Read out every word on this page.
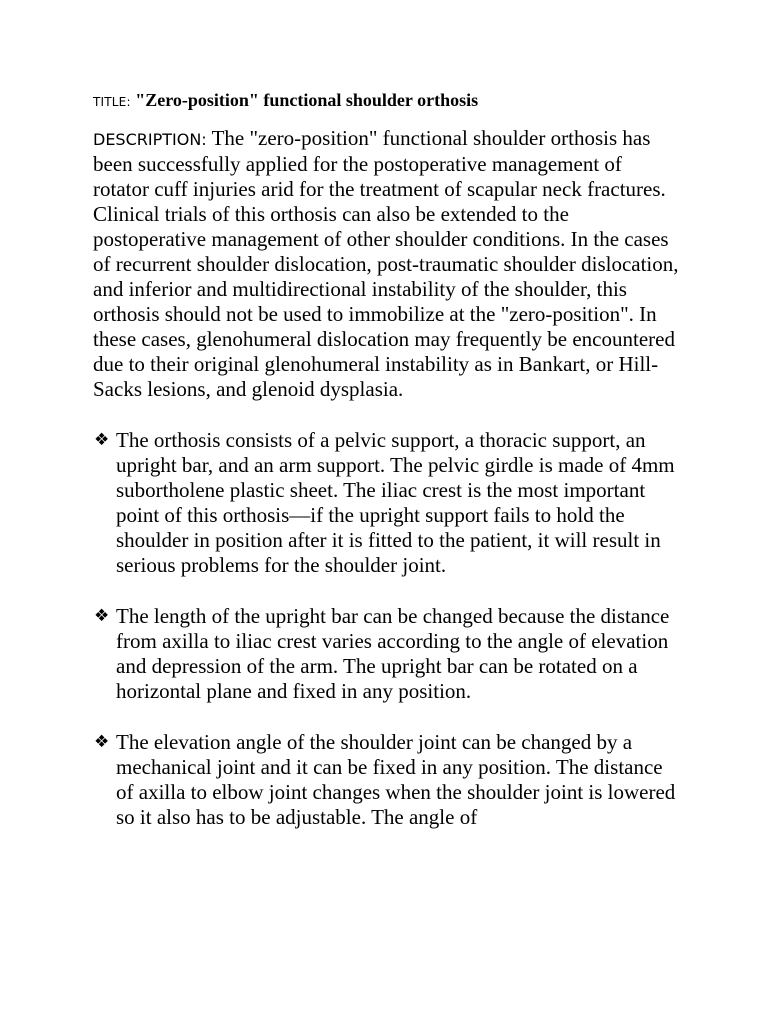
TITLE: "Zero-position" functional shoulder orthosis
DESCRIPTION: The "zero-position" functional shoulder orthosis has been successfully applied for the postoperative management of rotator cuff injuries arid for the treatment of scapular neck fractures. Clinical trials of this orthosis can also be extended to the postoperative management of other shoulder conditions. In the cases of recurrent shoulder dislocation, post-traumatic shoulder dislocation, and inferior and multidirectional instability of the shoulder, this orthosis should not be used to immobilize at the "zero-position". In these cases, glenohumeral dislocation may frequently be encountered due to their original glenohumeral instability as in Bankart, or Hill-Sacks lesions, and glenoid dysplasia.
❖ The orthosis consists of a pelvic support, a thoracic support, an upright bar, and an arm support. The pelvic girdle is made of 4mm subortholene plastic sheet. The iliac crest is the most important point of this orthosis—if the upright support fails to hold the shoulder in position after it is fitted to the patient, it will result in serious problems for the shoulder joint.
❖ The length of the upright bar can be changed because the distance from axilla to iliac crest varies according to the angle of elevation and depression of the arm. The upright bar can be rotated on a horizontal plane and fixed in any position.
❖ The elevation angle of the shoulder joint can be changed by a mechanical joint and it can be fixed in any position. The distance of axilla to elbow joint changes when the shoulder joint is lowered so it also has to be adjustable. The angle of
